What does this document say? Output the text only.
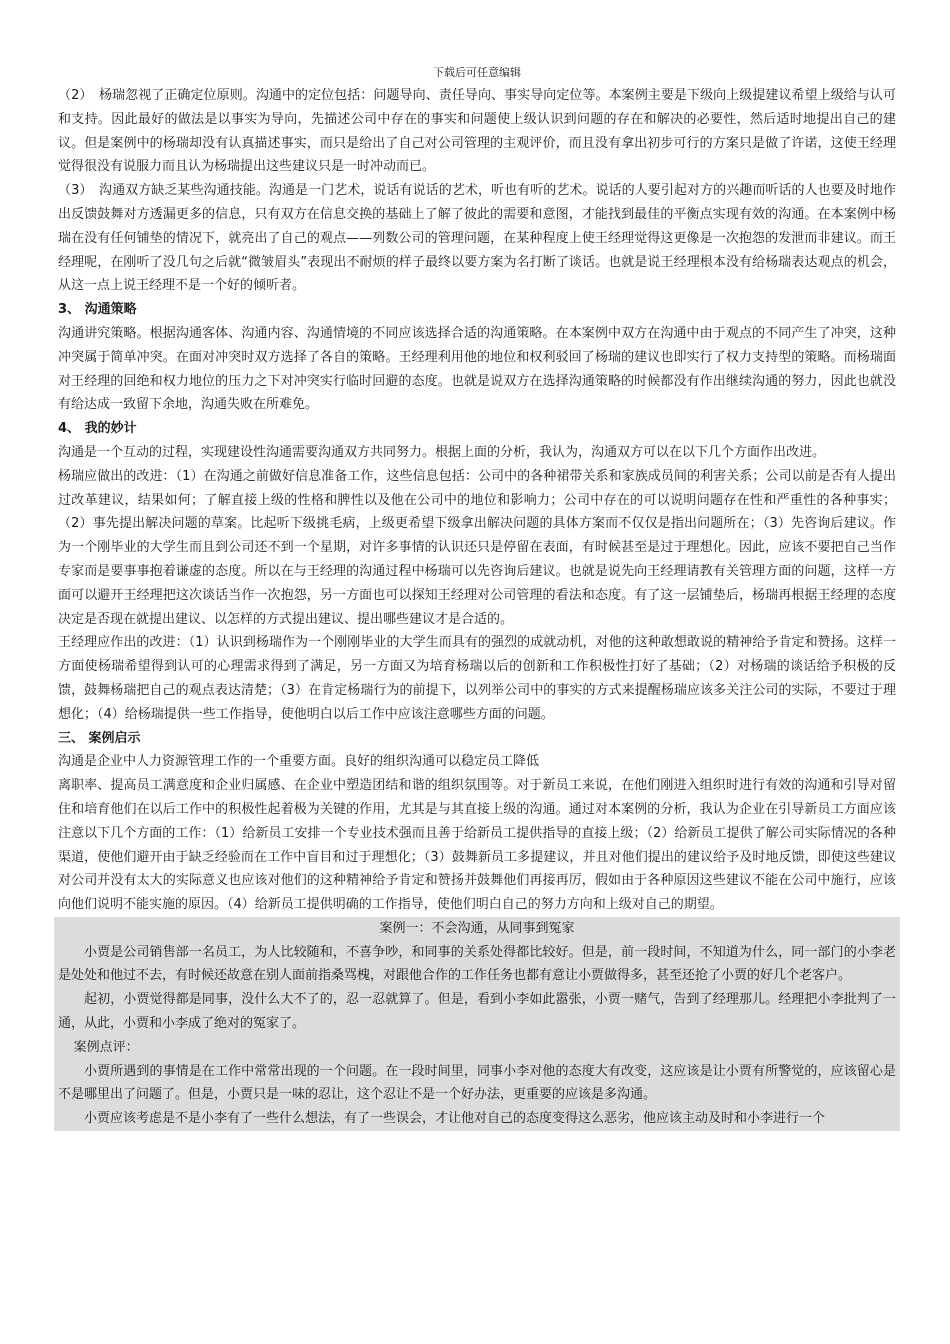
下载后可任意编辑

（2）　杨瑞忽视了正确定位原则。沟通中的定位包括：问题导向、责任导向、事实导向定位等。本案例主要是下级向上级提建议希望上级给与认可和支持。因此最好的做法是以事实为导向，先描述公司中存在的事实和问题使上级认识到问题的存在和解决的必要性，然后适时地提出自己的建议。但是案例中的杨瑞却没有认真描述事实，而只是给出了自己对公司管理的主观评价，而且没有拿出初步可行的方案只是做了许诺，这使王经理觉得很没有说服力而且认为杨瑞提出这些建议只是一时冲动而已。

（3）　沟通双方缺乏某些沟通技能。沟通是一门艺术，说话有说话的艺术，听也有听的艺术。说话的人要引起对方的兴趣而听话的人也要及时地作出反馈鼓舞对方透漏更多的信息，只有双方在信息交换的基础上了解了彼此的需要和意图，才能找到最佳的平衡点实现有效的沟通。在本案例中杨瑞在没有任何铺垫的情况下，就亮出了自己的观点——列数公司的管理问题，在某种程度上使王经理觉得这更像是一次抱怨的发泄而非建议。而王经理呢，在刚听了没几句之后就“微皱眉头”表现出不耐烦的样子最终以要方案为名打断了谈话。也就是说王经理根本没有给杨瑞表达观点的机会，从这一点上说王经理不是一个好的倾听者。

3、 沟通策略

沟通讲究策略。根据沟通客体、沟通内容、沟通情境的不同应该选择合适的沟通策略。在本案例中双方在沟通中由于观点的不同产生了冲突，这种冲突属于简单冲突。在面对冲突时双方选择了各自的策略。王经理利用他的地位和权利驳回了杨瑞的建议也即实行了权力支持型的策略。而杨瑞面对王经理的回绝和权力地位的压力之下对冲突实行临时回避的态度。也就是说双方在选择沟通策略的时候都没有作出继续沟通的努力，因此也就没有给达成一致留下余地，沟通失败在所难免。

4、 我的妙计

沟通是一个互动的过程，实现建设性沟通需要沟通双方共同努力。根据上面的分析，我认为，沟通双方可以在以下几个方面作出改进。

杨瑞应做出的改进：（1）在沟通之前做好信息准备工作，这些信息包括：公司中的各种裙带关系和家族成员间的利害关系；公司以前是否有人提出过改革建议，结果如何；了解直接上级的性格和脾性以及他在公司中的地位和影响力；公司中存在的可以说明问题存在性和严重性的各种事实；（2）事先提出解决问题的草案。比起听下级挑毛病，上级更希望下级拿出解决问题的具体方案而不仅仅是指出问题所在；（3）先咨询后建议。作为一个刚毕业的大学生而且到公司还不到一个星期，对许多事情的认识还只是停留在表面，有时候甚至是过于理想化。因此，应该不要把自己当作专家而是要事事抱着谦虚的态度。所以在与王经理的沟通过程中杨瑞可以先咨询后建议。也就是说先向王经理请教有关管理方面的问题，这样一方面可以避开王经理把这次谈话当作一次抱怨，另一方面也可以探知王经理对公司管理的看法和态度。有了这一层铺垫后，杨瑞再根据王经理的态度决定是否现在就提出建议、以怎样的方式提出建议、提出哪些建议才是合适的。

王经理应作出的改进：（1）认识到杨瑞作为一个刚刚毕业的大学生而具有的强烈的成就动机，对他的这种敢想敢说的精神给予肯定和赞扬。这样一方面使杨瑞希望得到认可的心理需求得到了满足，另一方面又为培育杨瑞以后的创新和工作积极性打好了基础；（2）对杨瑞的谈话给予积极的反馈，鼓舞杨瑞把自己的观点表达清楚；（3）在肯定杨瑞行为的前提下，以列举公司中的事实的方式来提醒杨瑞应该多关注公司的实际，不要过于理想化；（4）给杨瑞提供一些工作指导，使他明白以后工作中应该注意哪些方面的问题。

三、 案例启示

沟通是企业中人力资源管理工作的一个重要方面。良好的组织沟通可以稳定员工降低

离职率、提高员工满意度和企业归属感、在企业中塑造团结和谐的组织氛围等。对于新员工来说，在他们刚进入组织时进行有效的沟通和引导对留住和培育他们在以后工作中的积极性起着极为关键的作用，尤其是与其直接上级的沟通。通过对本案例的分析，我认为企业在引导新员工方面应该注意以下几个方面的工作：（1）给新员工安排一个专业技术强而且善于给新员工提供指导的直接上级；（2）给新员工提供了解公司实际情况的各种渠道，使他们避开由于缺乏经验而在工作中盲目和过于理想化；（3）鼓舞新员工多提建议，并且对他们提出的建议给予及时地反馈，即使这些建议对公司并没有太大的实际意义也应该对他们的这种精神给予肯定和赞扬并鼓舞他们再接再厉，假如由于各种原因这些建议不能在公司中施行，应该向他们说明不能实施的原因。（4）给新员工提供明确的工作指导，使他们明白自己的努力方向和上级对自己的期望。

案例一：不会沟通，从同事到冤家

小贾是公司销售部一名员工，为人比较随和，不喜争吵，和同事的关系处得都比较好。但是，前一段时间，不知道为什么，同一部门的小李老是处处和他过不去，有时候还故意在别人面前指桑骂槐，对跟他合作的工作任务也都有意让小贾做得多，甚至还抢了小贾的好几个老客户。

起初，小贾觉得都是同事，没什么大不了的，忍一忍就算了。但是，看到小李如此嚣张，小贾一赌气，告到了经理那儿。经理把小李批判了一通，从此，小贾和小李成了绝对的冤家了。

案例点评：

小贾所遇到的事情是在工作中常常出现的一个问题。在一段时间里，同事小李对他的态度大有改变，这应该是让小贾有所警觉的，应该留心是不是哪里出了问题了。但是，小贾只是一味的忍让，这个忍让不是一个好办法，更重要的应该是多沟通。

小贾应该考虑是不是小李有了一些什么想法，有了一些误会，才让他对自己的态度变得这么恶劣，他应该主动及时和小李进行一个
